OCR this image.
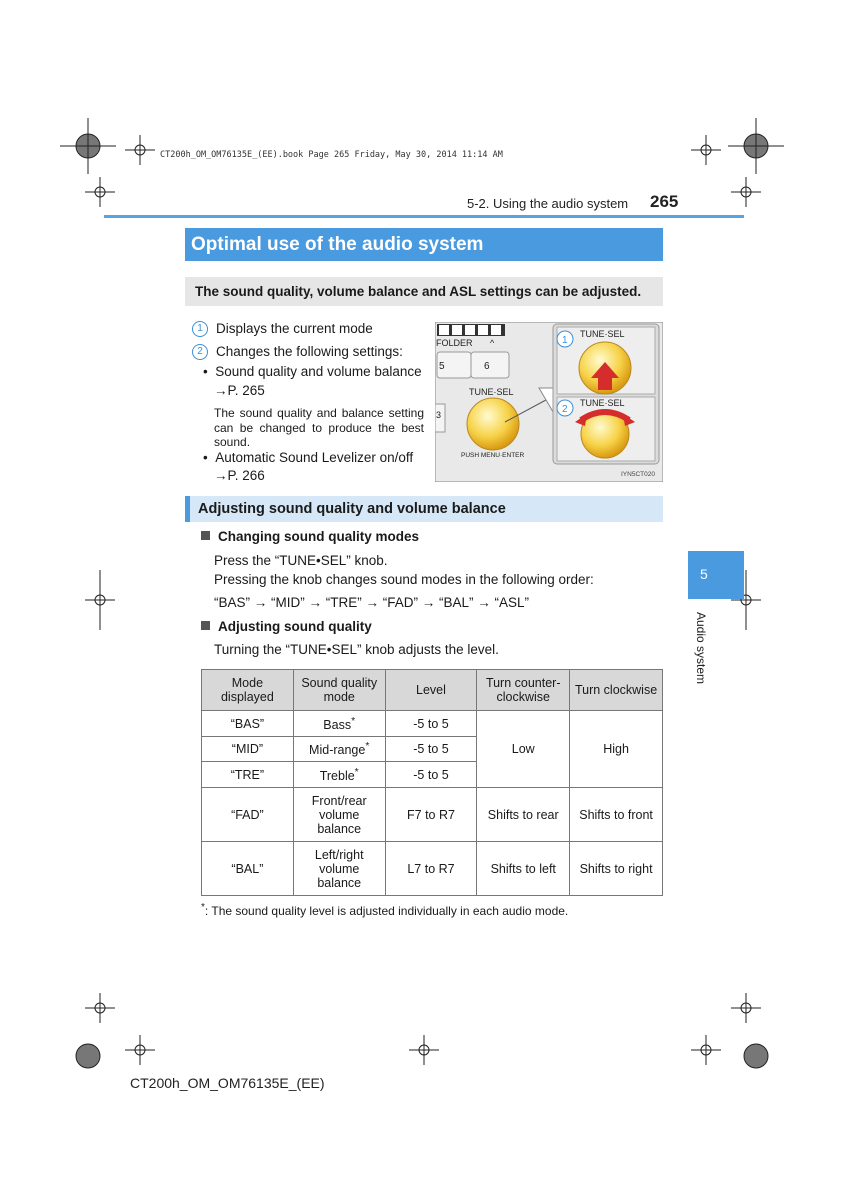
CT200h_OM_OM76135E_(EE).book Page 265 Friday, May 30, 2014 11:14 AM
5-2. Using the audio system 265
Optimal use of the audio system
The sound quality, volume balance and ASL settings can be adjusted.
1 Displays the current mode
2 Changes the following settings:
•  Sound quality and volume balance
→P. 265
The sound quality and balance setting can be changed to produce the best sound.
•  Automatic Sound Levelizer on/off
→P. 266
FOLDER ^
5	6
3
TUNE·SEL
PUSH MENU·ENTER
1
TUNE·SEL
2
TUNE·SEL
IYN5CT020
Adjusting sound quality and volume balance
Changing sound quality modes
Press the “TUNE•SEL” knob.
Pressing the knob changes sound modes in the following order:
“BAS” → “MID” → “TRE” → “FAD” → “BAL” → “ASL”
Adjusting sound quality
Turning the “TUNE•SEL” knob adjusts the level.
5
Audio system
Mode displayed	Sound quality mode	Level	Turn counter-clockwise	Turn clockwise
“BAS”	Bass*	-5 to 5	Low	High
“MID”	Mid-range*	-5 to 5		
“TRE”	Treble*	-5 to 5		
“FAD”	Front/rear volume balance	F7 to R7	Shifts to rear	Shifts to front
“BAL”	Left/right volume balance	L7 to R7	Shifts to left	Shifts to right
*: The sound quality level is adjusted individually in each audio mode.
CT200h_OM_OM76135E_(EE)
